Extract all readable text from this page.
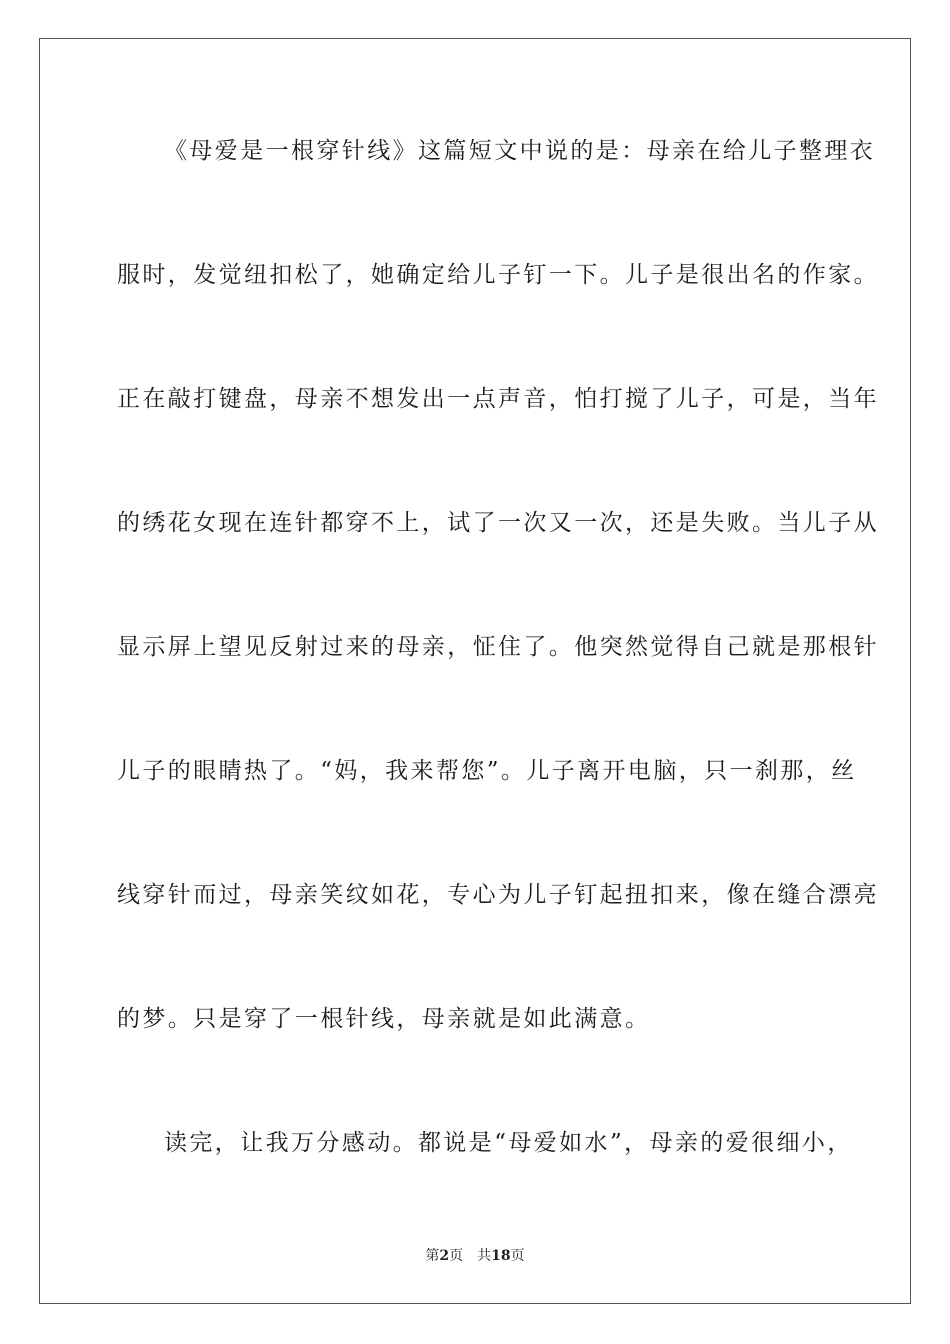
《母爱是一根穿针线》这篇短文中说的是：母亲在给儿子整理衣
服时，发觉纽扣松了，她确定给儿子钉一下。儿子是很出名的作家。
正在敲打键盘，母亲不想发出一点声音，怕打搅了儿子，可是，当年
的绣花女现在连针都穿不上，试了一次又一次，还是失败。当儿子从
显示屏上望见反射过来的母亲，怔住了。他突然觉得自己就是那根针
儿子的眼睛热了。“妈，我来帮您”。儿子离开电脑，只一刹那，丝
线穿针而过，母亲笑纹如花，专心为儿子钉起扭扣来，像在缝合漂亮
的梦。只是穿了一根针线，母亲就是如此满意。
读完，让我万分感动。都说是“母爱如水”，母亲的爱很细小，
第2页 共18页
